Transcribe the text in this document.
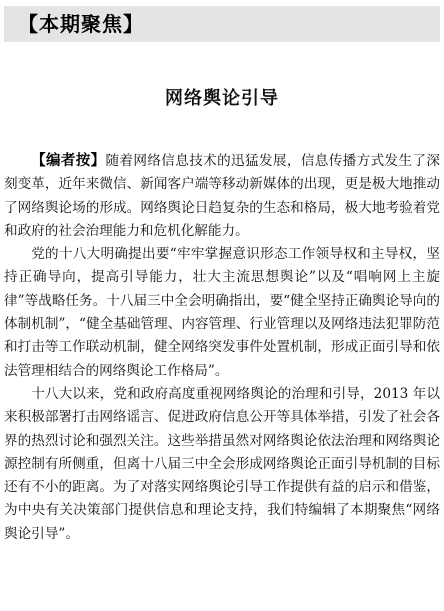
【本期聚焦】
网络舆论引导

【编者按】随着网络信息技术的迅猛发展，信息传播方式发生了深刻变革，近年来微信、新闻客户端等移动新媒体的出现，更是极大地推动了网络舆论场的形成。网络舆论日趋复杂的生态和格局，极大地考验着党和政府的社会治理能力和危机化解能力。

党的十八大明确提出要“牢牢掌握意识形态工作领导权和主导权，坚持正确导向，提高引导能力，壮大主流思想舆论”以及“唱响网上主旋律”等战略任务。十八届三中全会明确指出，要“健全坚持正确舆论导向的体制机制”，“健全基础管理、内容管理、行业管理以及网络违法犯罪防范和打击等工作联动机制，健全网络突发事件处置机制，形成正面引导和依法管理相结合的网络舆论工作格局”。

十八大以来，党和政府高度重视网络舆论的治理和引导，2013 年以来积极部署打击网络谣言、促进政府信息公开等具体举措，引发了社会各界的热烈讨论和强烈关注。这些举措虽然对网络舆论依法治理和网络舆论源控制有所侧重，但离十八届三中全会形成网络舆论正面引导机制的目标还有不小的距离。为了对落实网络舆论引导工作提供有益的启示和借鉴，为中央有关决策部门提供信息和理论支持，我们特编辑了本期聚焦“网络舆论引导”。
